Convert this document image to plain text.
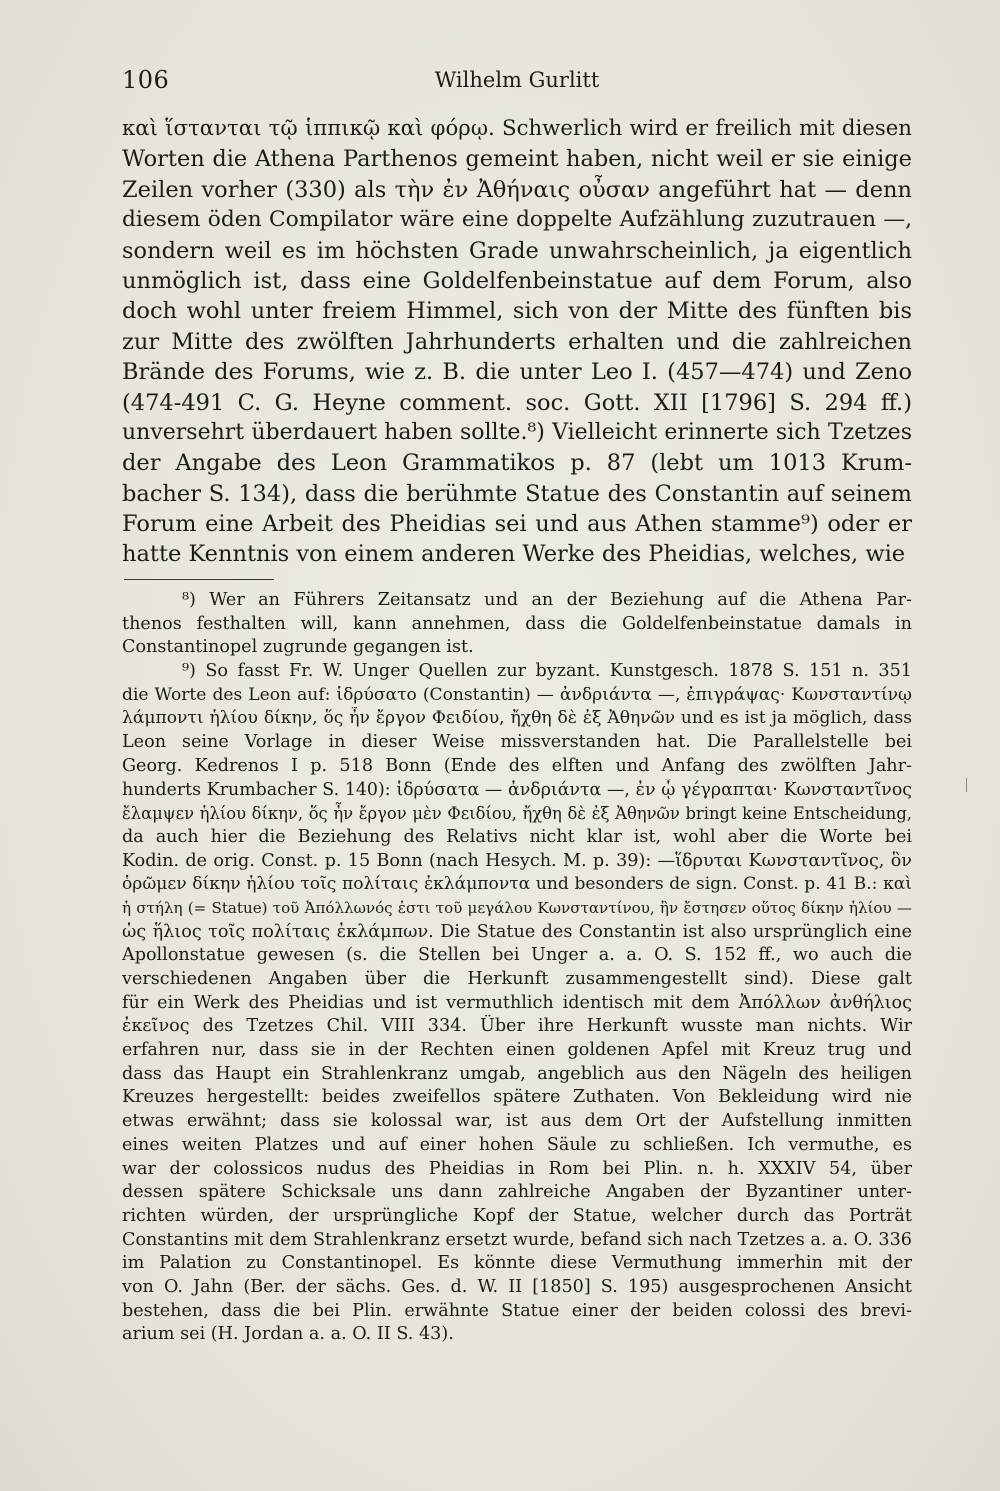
106	Wilhelm Gurlitt
καὶ ἵστανται τῷ ἱππικῷ καὶ φόρῳ. Schwerlich wird er freilich mit diesen
Worten die Athena Parthenos gemeint haben, nicht weil er sie einige
Zeilen vorher (330) als τὴν ἐν Ἀθήναις οὖσαν angeführt hat — denn
diesem öden Compilator wäre eine doppelte Aufzählung zuzutrauen —,
sondern weil es im höchsten Grade unwahrscheinlich, ja eigentlich
unmöglich ist, dass eine Goldelfenbeinstatue auf dem Forum, also
doch wohl unter freiem Himmel, sich von der Mitte des fünften bis
zur Mitte des zwölften Jahrhunderts erhalten und die zahlreichen
Brände des Forums, wie z. B. die unter Leo I. (457—474) und Zeno
(474-491 C. G. Heyne comment. soc. Gott. XII [1796] S. 294 ff.)
unversehrt überdauert haben sollte.⁸) Vielleicht erinnerte sich Tzetzes
der Angabe des Leon Grammatikos p. 87 (lebt um 1013 Krum-
bacher S. 134), dass die berühmte Statue des Constantin auf seinem
Forum eine Arbeit des Pheidias sei und aus Athen stamme⁹) oder er
hatte Kenntnis von einem anderen Werke des Pheidias, welches, wie
⁸) Wer an Führers Zeitansatz und an der Beziehung auf die Athena Par-
thenos festhalten will, kann annehmen, dass die Goldelfenbeinstatue damals in
Constantinopel zugrunde gegangen ist.
⁹) So fasst Fr. W. Unger Quellen zur byzant. Kunstgesch. 1878 S. 151 n. 351
die Worte des Leon auf: ἱδρύσατο (Constantin) — ἀνδριάντα —, ἐπιγράψας· Κωνσταντίνῳ
λάμποντι ἡλίου δίκην, ὅς ἦν ἔργον Φειδίου, ἤχθη δὲ ἐξ Ἀθηνῶν und es ist ja möglich, dass
Leon seine Vorlage in dieser Weise missverstanden hat. Die Parallelstelle bei
Georg. Kedrenos I p. 518 Bonn (Ende des elften und Anfang des zwölften Jahr-
hunderts Krumbacher S. 140): ἱδρύσατα — ἀνδριάντα —, ἐν ᾧ γέγραπται· Κωνσταντῖνος
ἔλαμψεν ἡλίου δίκην, ὅς ἦν ἔργον μὲν Φειδίου, ἤχθη δὲ ἐξ Ἀθηνῶν bringt keine Entscheidung,
da auch hier die Beziehung des Relativs nicht klar ist, wohl aber die Worte bei
Kodin. de orig. Const. p. 15 Bonn (nach Hesych. M. p. 39): —ἵδρυται Κωνσταντῖνος, ὃν
ὁρῶμεν δίκην ἡλίου τοῖς πολίταις ἐκλάμποντα und besonders de sign. Const. p. 41 B.: καὶ
ἡ στήλη (= Statue) τοῦ Ἀπόλλωνός ἐστι τοῦ μεγάλου Κωνσταντίνου, ἣν ἔστησεν οὕτος δίκην ἡλίου —
ὡς ἥλιος τοῖς πολίταις ἐκλάμπων. Die Statue des Constantin ist also ursprünglich eine
Apollonstatue gewesen (s. die Stellen bei Unger a. a. O. S. 152 ff., wo auch die
verschiedenen Angaben über die Herkunft zusammengestellt sind). Diese galt
für ein Werk des Pheidias und ist vermuthlich identisch mit dem Ἀπόλλων ἀνθήλιος
ἐκεῖνος des Tzetzes Chil. VIII 334. Über ihre Herkunft wusste man nichts. Wir
erfahren nur, dass sie in der Rechten einen goldenen Apfel mit Kreuz trug und
dass das Haupt ein Strahlenkranz umgab, angeblich aus den Nägeln des heiligen
Kreuzes hergestellt: beides zweifellos spätere Zuthaten. Von Bekleidung wird nie
etwas erwähnt; dass sie kolossal war, ist aus dem Ort der Aufstellung inmitten
eines weiten Platzes und auf einer hohen Säule zu schließen. Ich vermuthe, es
war der colossicos nudus des Pheidias in Rom bei Plin. n. h. XXXIV 54, über
dessen spätere Schicksale uns dann zahlreiche Angaben der Byzantiner unter-
richten würden, der ursprüngliche Kopf der Statue, welcher durch das Porträt
Constantins mit dem Strahlenkranz ersetzt wurde, befand sich nach Tzetzes a. a. O. 336
im Palation zu Constantinopel. Es könnte diese Vermuthung immerhin mit der
von O. Jahn (Ber. der sächs. Ges. d. W. II [1850] S. 195) ausgesprochenen Ansicht
bestehen, dass die bei Plin. erwähnte Statue einer der beiden colossi des brevi-
arium sei (H. Jordan a. a. O. II S. 43).
